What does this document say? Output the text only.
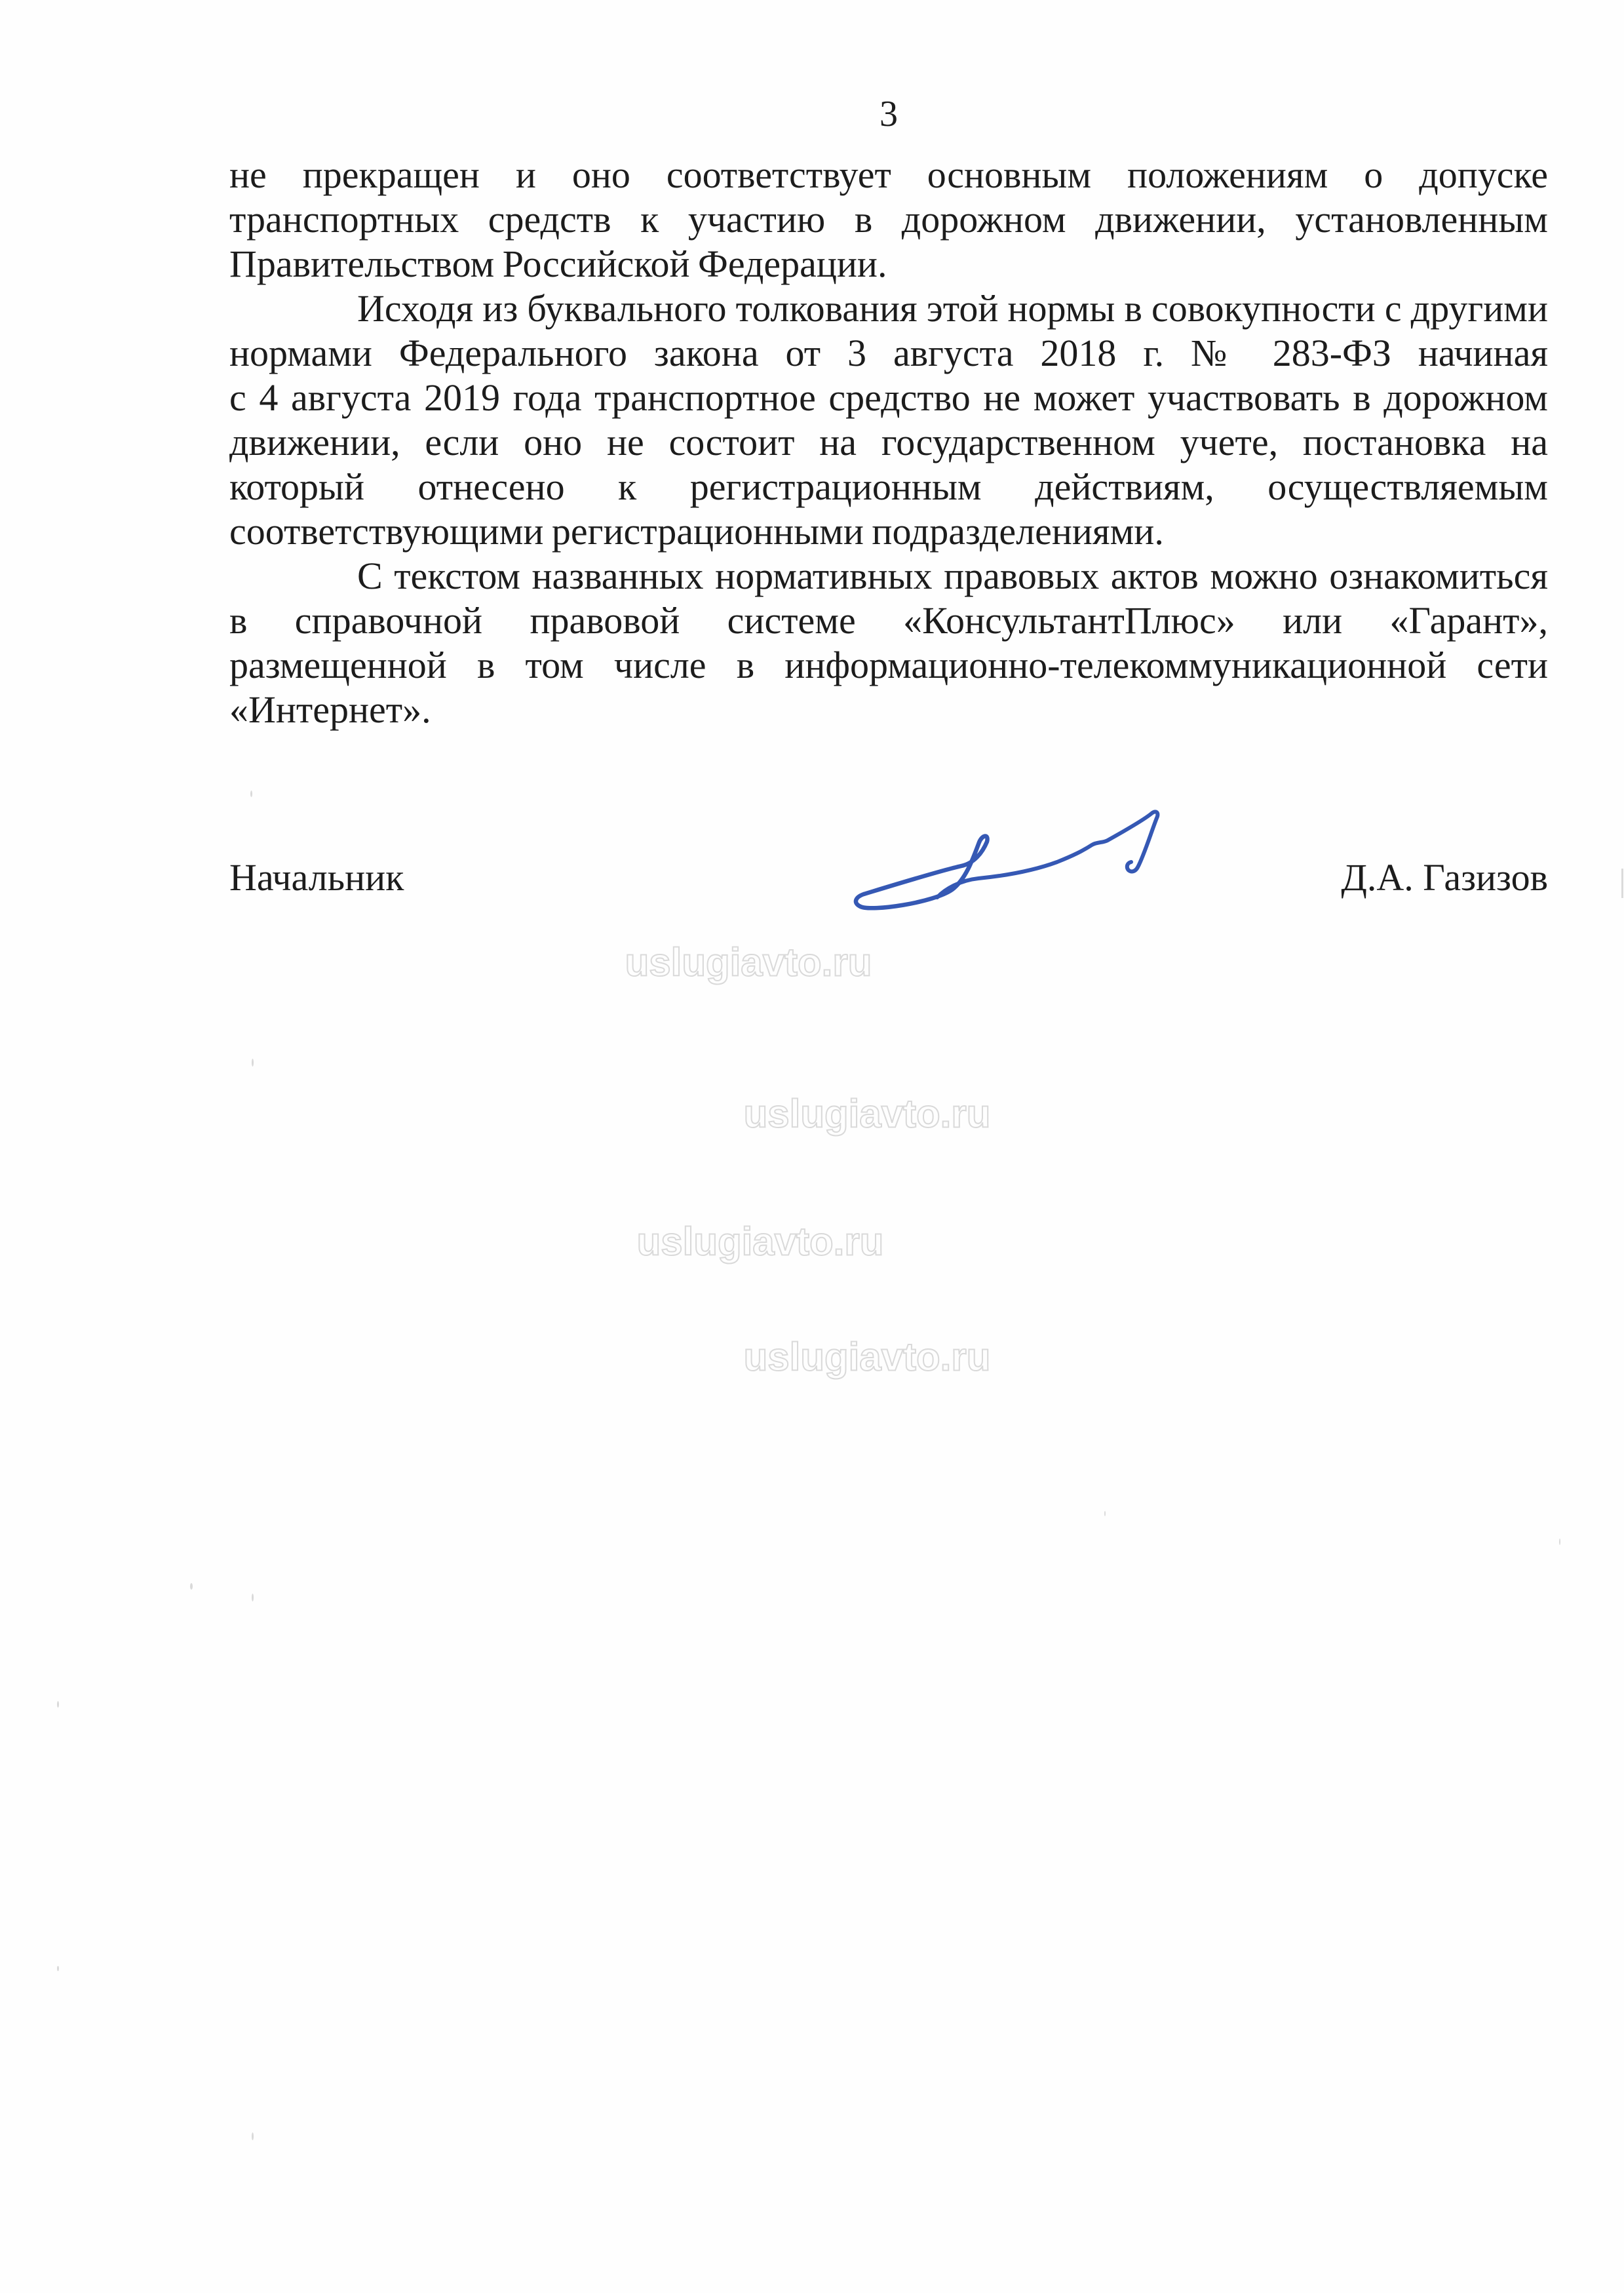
3
не прекращен и оно соответствует основным положениям о допуске
транспортных средств к участию в дорожном движении, установленным
Правительством Российской Федерации.
Исходя из буквального толкования этой нормы в совокупности с другими
нормами Федерального закона от 3 августа 2018 г. № 283-ФЗ начиная
с 4 августа 2019 года транспортное средство не может участвовать в дорожном
движении, если оно не состоит на государственном учете, постановка на
который отнесено к регистрационным действиям, осуществляемым
соответствующими регистрационными подразделениями.
С текстом названных нормативных правовых актов можно ознакомиться
в справочной правовой системе «КонсультантПлюс» или «Гарант»,
размещенной в том числе в информационно-телекоммуникационной сети
«Интернет».
uslugiavto.ru
uslugiavto.ru
uslugiavto.ru
uslugiavto.ru
Начальник	Д.А. Газизов
